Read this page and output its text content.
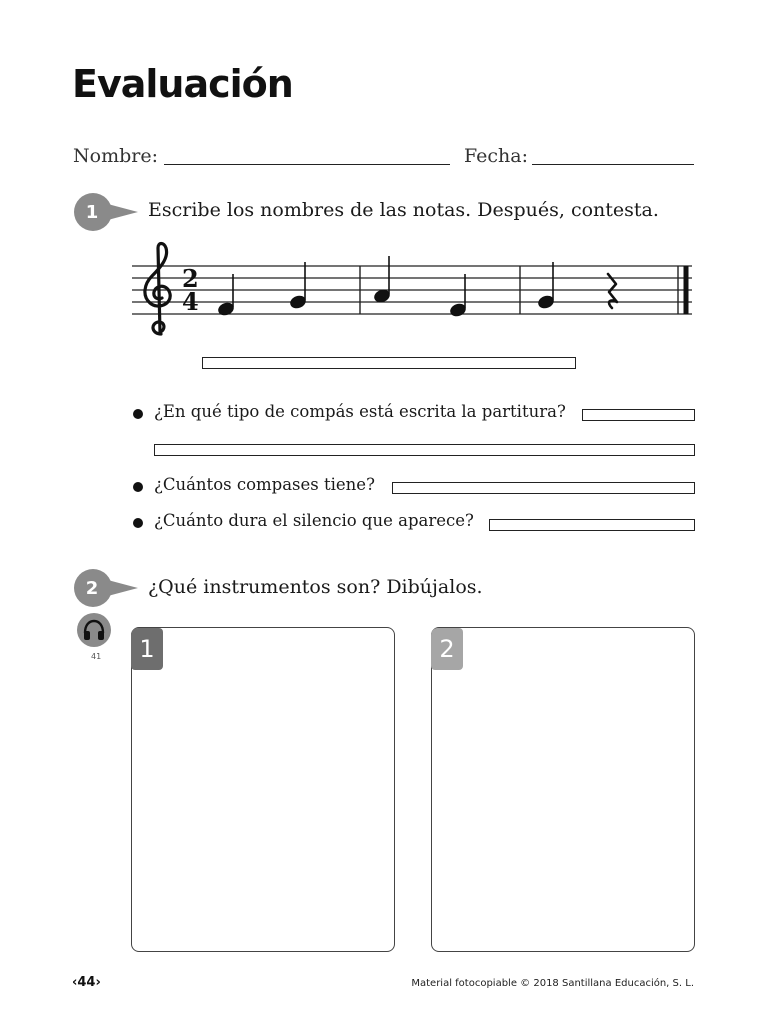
Evaluación
Nombre:	Fecha:
1	Escribe los nombres de las notas. Después, contesta.
2
4
¿En qué tipo de compás está escrita la partitura?
¿Cuántos compases tiene?
¿Cuánto dura el silencio que aparece?
2	¿Qué instrumentos son? Dibújalos.
41	1	2
‹44›	Material fotocopiable © 2018 Santillana Educación, S. L.
